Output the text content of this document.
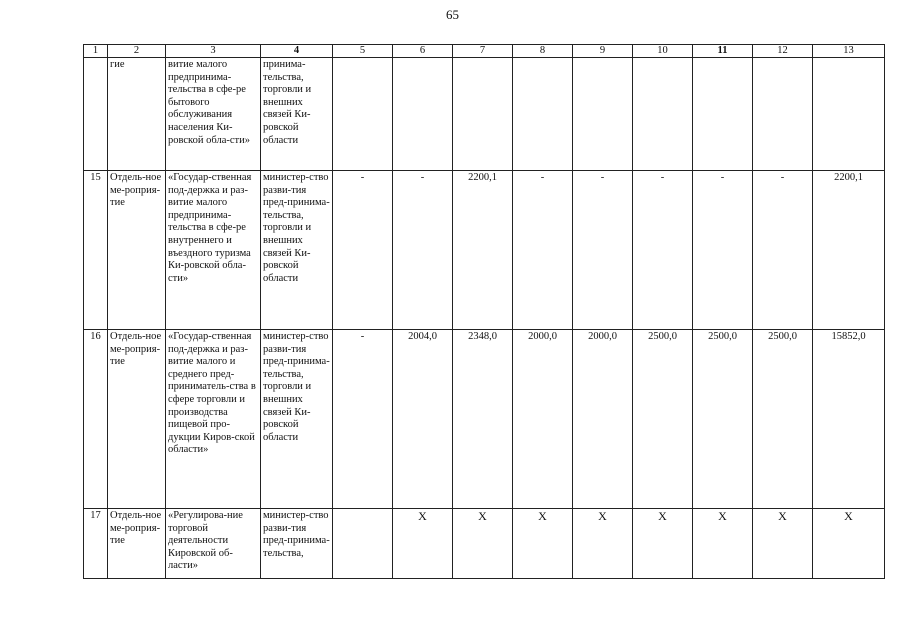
65
1	2	3	4	5	6	7	8	9	10	11	12	13
	гие	витие малого предпринима-тельства в сфе-ре бытового обслуживания населения Ки-ровской обла-сти»	принима-тельства, торговли и внешних связей Ки-ровской области									
15	Отдель-ное ме-роприя-тие	«Государ-ственная под-держка и раз-витие малого предпринима-тельства в сфе-ре внутреннего и въездного туризма Ки-ровской обла-сти»	министер-ство разви-тия пред-принима-тельства, торговли и внешних связей Ки-ровской области	-	-	2200,1	-	-	-	-	-	2200,1
16	Отдель-ное ме-роприя-тие	«Государ-ственная под-держка и раз-витие малого и среднего пред-приниматель-ства в сфере торговли и производства пищевой про-дукции Киров-ской области»	министер-ство разви-тия пред-принима-тельства, торговли и внешних связей Ки-ровской области	-	2004,0	2348,0	2000,0	2000,0	2500,0	2500,0	2500,0	15852,0
17	Отдель-ное ме-роприя-тие	«Регулирова-ние торговой деятельности Кировской об-ласти»	министер-ство разви-тия пред-принима-тельства,		Х	Х	Х	Х	Х	Х	Х	Х
